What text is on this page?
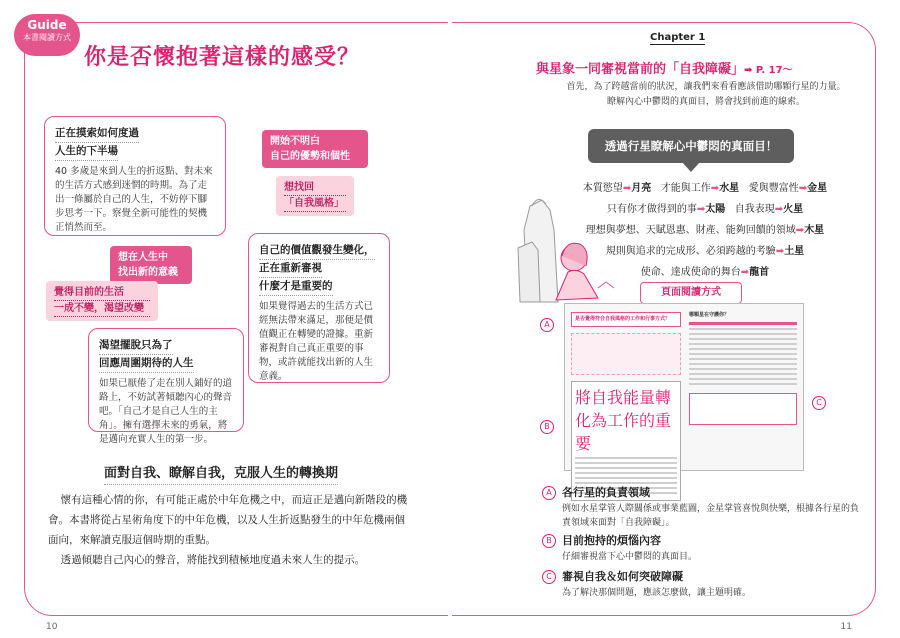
Guide
本書閱讀方式
你是否懷抱著這樣的感受？
正在摸索如何度過
人生的下半場
40 多歲是來到人生的折返點、對未來的生活方式感到迷惘的時期。為了走出一條屬於自己的人生，不妨停下腳步思考一下。察覺全新可能性的契機正悄然而至。
開始不明白
自己的優勢和個性
想找回
「自我風格」
想在人生中
找出新的意義
覺得目前的生活
一成不變，渴望改變
自己的價值觀發生變化，
正在重新審視
什麼才是重要的
如果覺得過去的生活方式已經無法帶來滿足，那便是價值觀正在轉變的證據。重新審視對自己真正重要的事物，或許就能找出新的人生意義。
渴望擺脫只為了
回應周圍期待的人生
如果已厭倦了走在別人鋪好的道路上，不妨試著傾聽內心的聲音吧。「自己才是自己人生的主角」。擁有選擇未來的勇氣，將是邁向充實人生的第一步。
面對自我、瞭解自我，克服人生的轉換期

懷有這種心情的你，有可能正處於中年危機之中，而這正是邁向新階段的機會。本書將從占星術角度下的中年危機，以及人生折返點發生的中年危機兩個面向，來解讀克服這個時期的重點。

透過傾聽自己內心的聲音，將能找到積極地度過未來人生的提示。

10
Chapter 1
與星象一同審視當前的「自我障礙」➡ P. 17～
首先，為了跨越當前的狀況，讓我們來看看應該借助哪顆行星的力量。
瞭解內心中鬱悶的真面目，將會找到前進的線索。
透過行星瞭解心中鬱悶的真面目！
本質慾望➡月亮 才能與工作➡水星 愛與豐富性➡金星
只有你才做得到的事➡太陽 自我表現➡火星
理想與夢想、天賦恩惠、財產、能夠回饋的領域➡木星
規則與追求的完成形、必須跨越的考驗➡土星
使命、達成使命的舞台➡龍首
頁面閱讀方式
是否覺得符合自我風格的工作和行事方式？
將自我能量轉化為工作的重要
哪顆星在守護你？
A
B
C
A 各行星的負責領域
例如水星掌管人際關係或事業藍圖，金星掌管喜悅與快樂，根據各行星的負責領域來面對「自我障礙」。
B 目前抱持的煩惱內容
仔細審視當下心中鬱悶的真面目。
C 審視自我＆如何突破障礙
為了解決那個問題，應該怎麼做，讓主題明確。
11
